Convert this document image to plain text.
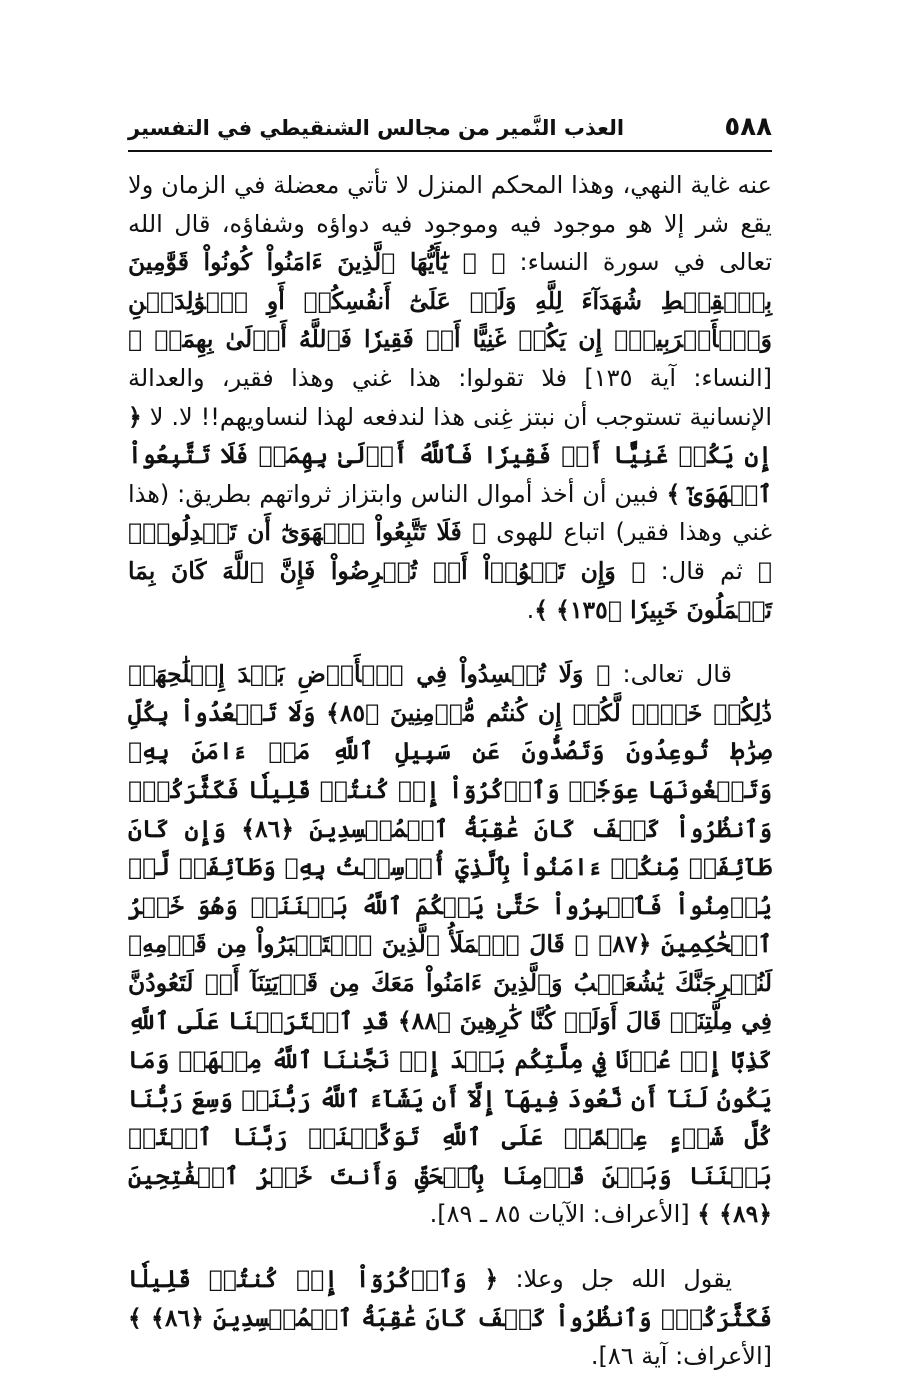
٥٨٨
العذب النَّمير من مجالس الشنقيطي في التفسير

عنه غاية النهي، وهذا المحكم المنزل لا تأتي معضلة في الزمان ولا يقع شر إلا هو موجود فيه وموجود فيه دواؤه وشفاؤه، قال الله تعالى في سورة النساء: ﴿ ۞ يَٰٓأَيُّهَا ٱلَّذِينَ ءَامَنُواْ كُونُواْ قَوَّٰمِينَ بِٱلۡقِسۡطِ شُهَدَآءَ لِلَّهِ وَلَوۡ عَلَىٰٓ أَنفُسِكُمۡ أَوِ ٱلۡوَٰلِدَيۡنِ وَٱلۡأَقۡرَبِينَۚ إِن يَكُنۡ غَنِيًّا أَوۡ فَقِيرٗا فَٱللَّهُ أَوۡلَىٰ بِهِمَاۖ ﴾ [النساء: آية ١٣٥] فلا تقولوا: هذا غني وهذا فقير، والعدالة الإنسانية تستوجب أن نبتز غِنى هذا لندفعه لهذا لنساويهم!! لا. لا ﴿ إِن يَكُنۡ غَنِيًّا أَوۡ فَقِيرٗا فَٱللَّهُ أَوۡلَىٰ بِهِمَاۖ فَلَا تَتَّبِعُواْ ٱلۡهَوَىٰٓ ﴾ فبين أن أخذ أموال الناس وابتزاز ثرواتهم بطريق: (هذا غني وهذا فقير) اتباع للهوى ﴿ فَلَا تَتَّبِعُواْ ٱلۡهَوَىٰٓ أَن تَعۡدِلُواْۚ ﴾ ثم قال: ﴿ وَإِن تَلۡوُۥٓاْ أَوۡ تُعۡرِضُواْ فَإِنَّ ٱللَّهَ كَانَ بِمَا تَعۡمَلُونَ خَبِيرٗا ﴿١٣٥﴾ ﴾.

قال تعالى: ﴿ وَلَا تُفۡسِدُواْ فِي ٱلۡأَرۡضِ بَعۡدَ إِصۡلَٰحِهَاۚ ذَٰلِكُمۡ خَيۡرٞ لَّكُمۡ إِن كُنتُم مُّؤۡمِنِينَ ﴿٨٥﴾ وَلَا تَقۡعُدُواْ بِكُلِّ صِرَٰطٖ تُوعِدُونَ وَتَصُدُّونَ عَن سَبِيلِ ٱللَّهِ مَنۡ ءَامَنَ بِهِۦ وَتَبۡغُونَهَا عِوَجٗاۚ وَٱذۡكُرُوٓاْ إِذۡ كُنتُمۡ قَلِيلٗا فَكَثَّرَكُمۡۖ وَٱنظُرُواْ كَيۡفَ كَانَ عَٰقِبَةُ ٱلۡمُفۡسِدِينَ ﴿٨٦﴾ وَإِن كَانَ طَآئِفَةٞ مِّنكُمۡ ءَامَنُواْ بِٱلَّذِيٓ أُرۡسِلۡتُ بِهِۦ وَطَآئِفَةٞ لَّمۡ يُؤۡمِنُواْ فَٱصۡبِرُواْ حَتَّىٰ يَحۡكُمَ ٱللَّهُ بَيۡنَنَاۚ وَهُوَ خَيۡرُ ٱلۡحَٰكِمِينَ ﴿٨٧﴾ ۞ قَالَ ٱلۡمَلَأُ ٱلَّذِينَ ٱسۡتَكۡبَرُواْ مِن قَوۡمِهِۦ لَنُخۡرِجَنَّكَ يَٰشُعَيۡبُ وَٱلَّذِينَ ءَامَنُواْ مَعَكَ مِن قَرۡيَتِنَآ أَوۡ لَتَعُودُنَّ فِي مِلَّتِنَاۚ قَالَ أَوَلَوۡ كُنَّا كَٰرِهِينَ ﴿٨٨﴾ قَدِ ٱفۡتَرَيۡنَا عَلَى ٱللَّهِ كَذِبًا إِنۡ عُدۡنَا فِي مِلَّتِكُم بَعۡدَ إِذۡ نَجَّىٰنَا ٱللَّهُ مِنۡهَاۚ وَمَا يَكُونُ لَنَآ أَن نَّعُودَ فِيهَآ إِلَّآ أَن يَشَآءَ ٱللَّهُ رَبُّنَاۚ وَسِعَ رَبُّنَا كُلَّ شَيۡءٍ عِلۡمًاۚ عَلَى ٱللَّهِ تَوَكَّلۡنَاۚ رَبَّنَا ٱفۡتَحۡ بَيۡنَنَا وَبَيۡنَ قَوۡمِنَا بِٱلۡحَقِّ وَأَنتَ خَيۡرُ ٱلۡفَٰتِحِينَ ﴿٨٩﴾ ﴾ [الأعراف: الآيات ٨٥ ـ ٨٩].

يقول الله جل وعلا: ﴿ وَٱذۡكُرُوٓاْ إِذۡ كُنتُمۡ قَلِيلٗا فَكَثَّرَكُمۡۖ وَٱنظُرُواْ كَيۡفَ كَانَ عَٰقِبَةُ ٱلۡمُفۡسِدِينَ ﴿٨٦﴾ ﴾ [الأعراف: آية ٨٦].
